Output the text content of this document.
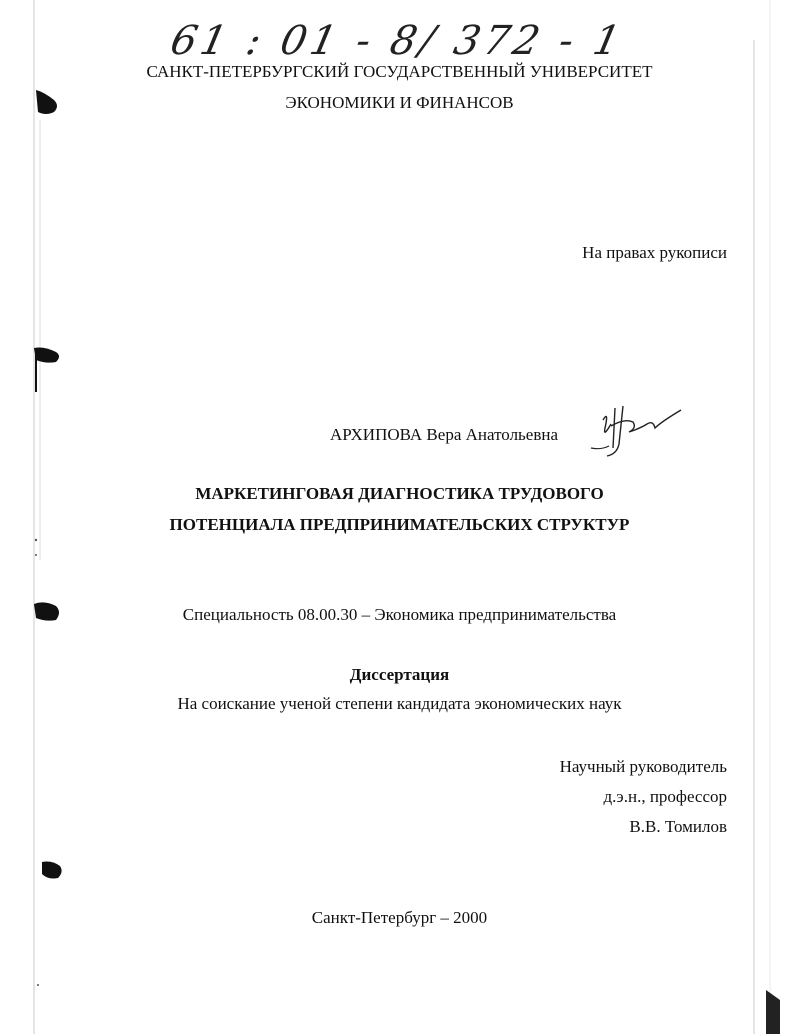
61 : 01 - 8/ 372 - 1
САНКТ-ПЕТЕРБУРГСКИЙ ГОСУДАРСТВЕННЫЙ УНИВЕРСИТЕТ
ЭКОНОМИКИ И ФИНАНСОВ
На правах рукописи
АРХИПОВА Вера Анатольевна
МАРКЕТИНГОВАЯ ДИАГНОСТИКА ТРУДОВОГО
ПОТЕНЦИАЛА ПРЕДПРИНИМАТЕЛЬСКИХ СТРУКТУР
Специальность 08.00.30 – Экономика предпринимательства
Диссертация
На соискание ученой степени кандидата экономических наук
Научный руководитель
д.э.н., профессор
В.В. Томилов
Санкт-Петербург – 2000
